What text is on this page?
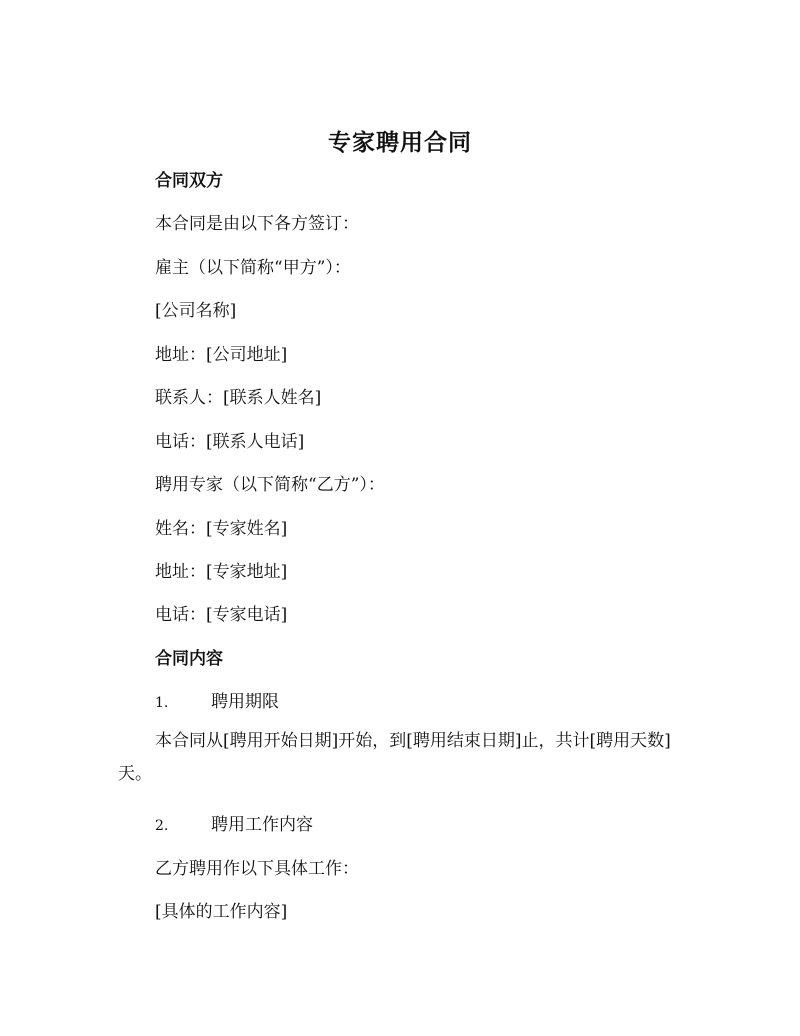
专家聘用合同
合同双方
本合同是由以下各方签订：
雇主（以下简称“甲方”）：
[公司名称]
地址：[公司地址]
联系人：[联系人姓名]
电话：[联系人电话]
聘用专家（以下简称“乙方”）：
姓名：[专家姓名]
地址：[专家地址]
电话：[专家电话]
合同内容
1.	聘用期限
本合同从[聘用开始日期]开始，到[聘用结束日期]止，共计[聘用天数]天。
2.	聘用工作内容
乙方聘用作以下具体工作：
[具体的工作内容]
